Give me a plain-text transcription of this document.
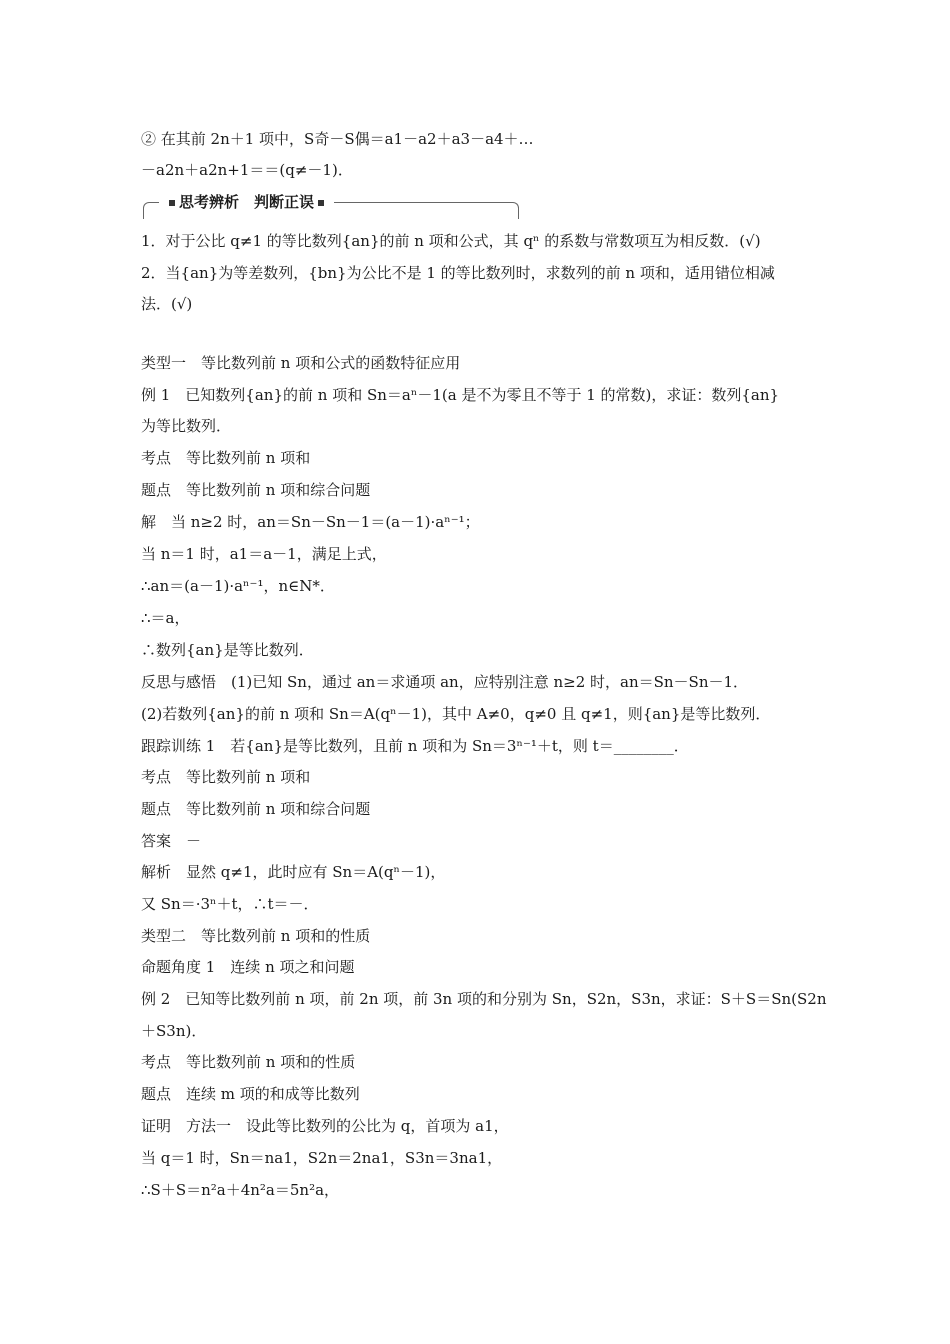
② 在其前 2n＋1 项中，S奇－S偶＝a1－a2＋a3－a4＋…
－a2n＋a2n+1＝＝(q≠－1)．
思考辨析　判断正误
1．对于公比 q≠1 的等比数列{an}的前 n 项和公式，其 qⁿ 的系数与常数项互为相反数．(√)
2．当{an}为等差数列，{bn}为公比不是 1 的等比数列时，求数列的前 n 项和，适用错位相减
法．(√)
类型一　等比数列前 n 项和公式的函数特征应用
例 1　已知数列{an}的前 n 项和 Sn＝aⁿ－1(a 是不为零且不等于 1 的常数)，求证：数列{an}
为等比数列．
考点　等比数列前 n 项和
题点　等比数列前 n 项和综合问题
解　当 n≥2 时，an＝Sn－Sn－1＝(a－1)·aⁿ⁻¹；
当 n＝1 时，a1＝a－1，满足上式，
∴an＝(a－1)·aⁿ⁻¹，n∈N*．
∴＝a，
∴数列{an}是等比数列．
反思与感悟　(1)已知 Sn，通过 an＝求通项 an，应特别注意 n≥2 时，an＝Sn－Sn－1．
(2)若数列{an}的前 n 项和 Sn＝A(qⁿ－1)，其中 A≠0，q≠0 且 q≠1，则{an}是等比数列．
跟踪训练 1　若{an}是等比数列，且前 n 项和为 Sn＝3ⁿ⁻¹＋t，则 t＝________．
考点　等比数列前 n 项和
题点　等比数列前 n 项和综合问题
答案　－
解析　显然 q≠1，此时应有 Sn＝A(qⁿ－1)，
又 Sn＝·3ⁿ＋t，∴t＝－．
类型二　等比数列前 n 项和的性质
命题角度 1　连续 n 项之和问题
例 2　已知等比数列前 n 项，前 2n 项，前 3n 项的和分别为 Sn，S2n，S3n，求证：S＋S＝Sn(S2n
＋S3n)．
考点　等比数列前 n 项和的性质
题点　连续 m 项的和成等比数列
证明　方法一　设此等比数列的公比为 q，首项为 a1，
当 q＝1 时，Sn＝na1，S2n＝2na1，S3n＝3na1，
∴S＋S＝n²a＋4n²a＝5n²a，
